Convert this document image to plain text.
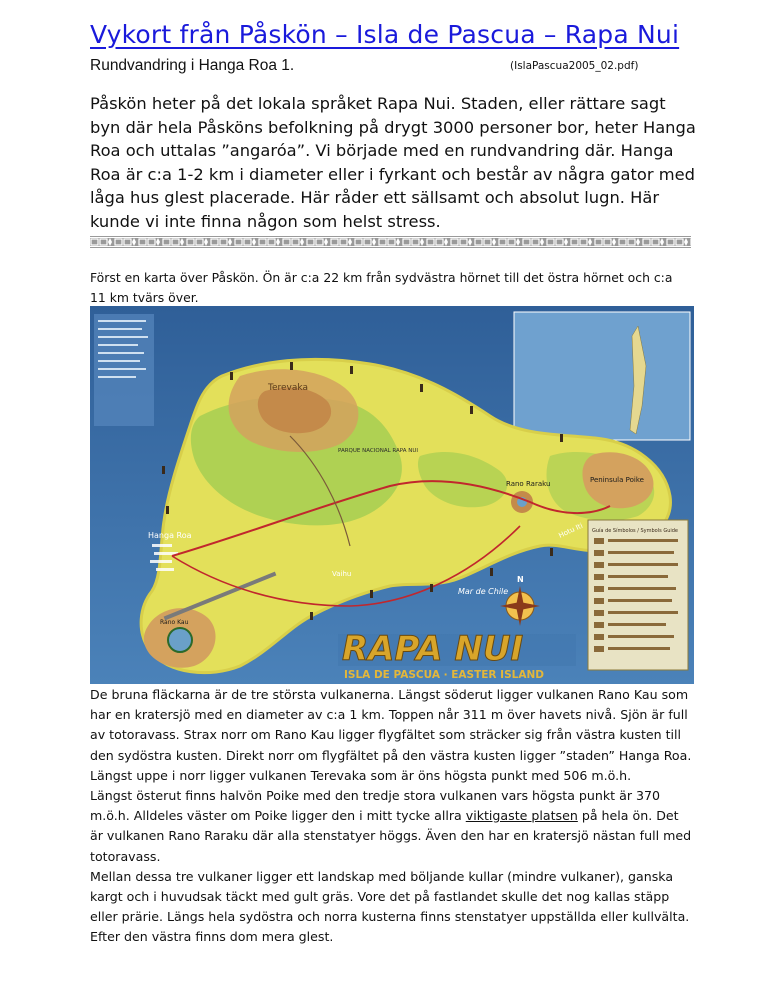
Vykort från Påskön – Isla de Pascua – Rapa Nui
Rundvandring i Hanga Roa 1.	(IslaPascua2005_02.pdf)

Påskön heter på det lokala språket Rapa Nui. Staden, eller rättare sagt byn där hela Påsköns befolkning på drygt 3000 personer bor, heter Hanga Roa och uttalas ”angaróa”. Vi började med en rundvandring där. Hanga Roa är c:a 1-2 km i diameter eller i fyrkant och består av några gator med låga hus glest placerade. Här råder ett sällsamt och absolut lugn. Här kunde vi inte finna någon som helst stress.

Först en karta över Påskön. Ön är c:a 22 km från sydvästra hörnet till det östra hörnet och c:a 11 km tvärs över.

Terevaka
PARQUE NACIONAL RAPA NUI
Rano Raraku	Peninsula Poike
Hanga Roa
Vaihu
Mar de Chile
Rano Kau
Hotu Iti
N
Guía de Símbolos / Symbols Guide
RAPA NUI
ISLA DE PASCUA · EASTER ISLAND

De bruna fläckarna är de tre största vulkanerna. Längst söderut ligger vulkanen Rano Kau som har en kratersjö med en diameter av c:a 1 km. Toppen når 311 m över havets nivå. Sjön är full av totoravass. Strax norr om Rano Kau ligger flygfältet som sträcker sig från västra kusten till den sydöstra kusten. Direkt norr om flygfältet på den västra kusten ligger ”staden” Hanga Roa.

Längst uppe i norr ligger vulkanen Terevaka som är öns högsta punkt med 506 m.ö.h.

Längst österut finns halvön Poike med den tredje stora vulkanen vars högsta punkt är 370 m.ö.h. Alldeles väster om Poike ligger den i mitt tycke allra viktigaste platsen på hela ön. Det är vulkanen Rano Raraku där alla stenstatyer höggs. Även den har en kratersjö nästan full med totoravass.

Mellan dessa tre vulkaner ligger ett landskap med böljande kullar (mindre vulkaner), ganska kargt och i huvudsak täckt med gult gräs. Vore det på fastlandet skulle det nog kallas stäpp eller prärie. Längs hela sydöstra och norra kusterna finns stenstatyer uppställda eller kullvälta. Efter den västra finns dom mera glest.
